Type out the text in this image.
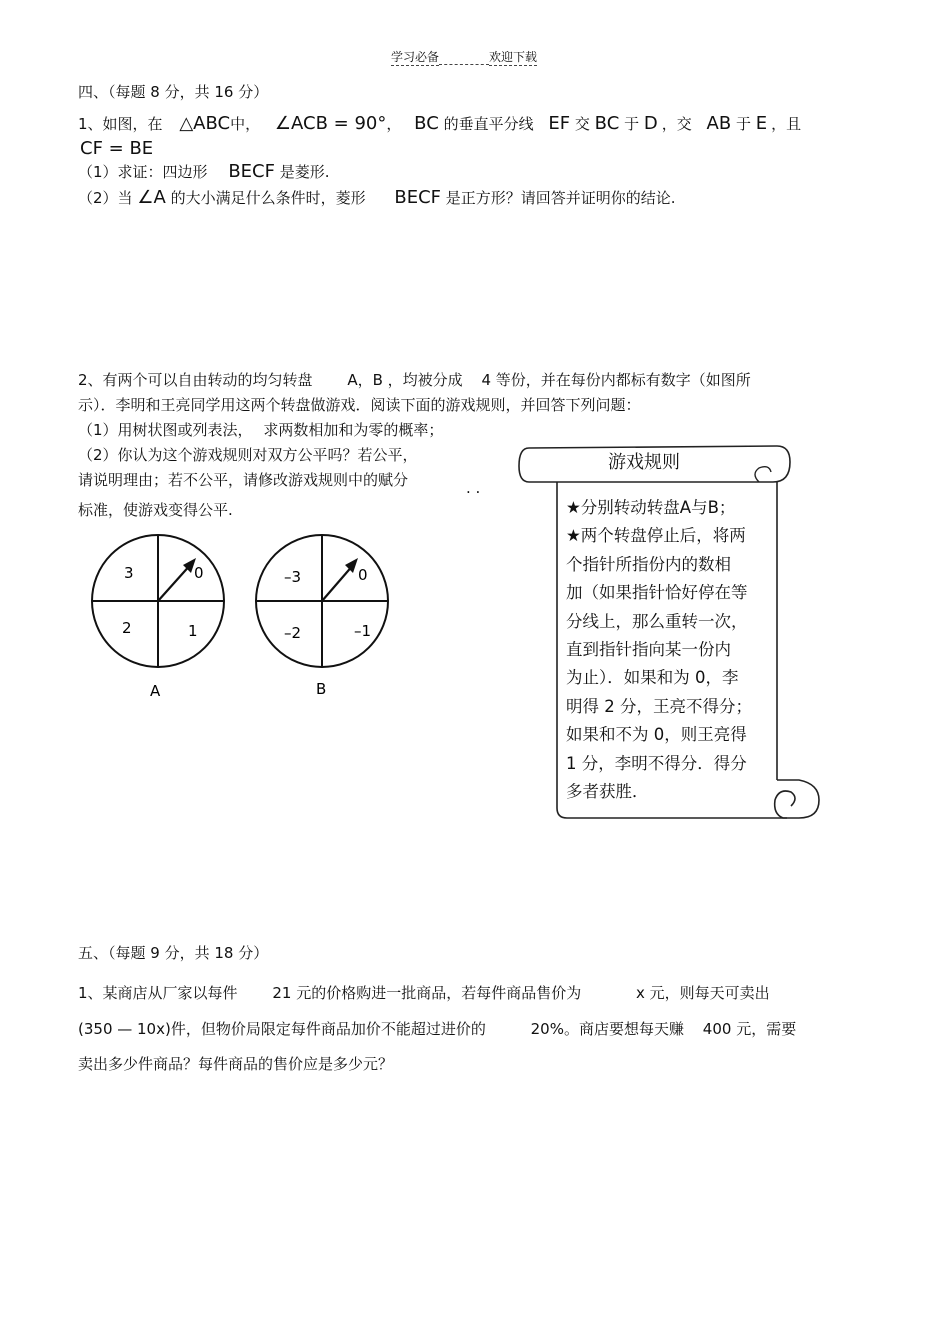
学习必备	欢迎下载
四、（每题 8 分，共 16 分）
1、如图，在 △ABC中， ∠ACB = 90°， BC 的垂直平分线 EF 交 BC 于 D ，交 AB 于 E ，且
CF = BE
（1）求证：四边形 BECF 是菱形.
（2）当 ∠A 的大小满足什么条件时，菱形 BECF 是正方形？请回答并证明你的结论.
2、有两个可以自由转动的均匀转盘 A，B ，均被分成 4 等份，并在每份内都标有数字（如图所
示）．李明和王亮同学用这两个转盘做游戏．阅读下面的游戏规则，并回答下列问题：
（1）用树状图或列表法， 求两数相加和为零的概率；
（2）你认为这个游戏规则对双方公平吗？若公平，
请说明理由；若不公平，请修改游戏规则中的赋分	. .
标准，使游戏变得公平.
3	0
2	1
A
–3	0
–2	–1
B
游戏规则
★分别转动转盘A与B；
★两个转盘停止后，将两
个指针所指份内的数相
加（如果指针恰好停在等
分线上，那么重转一次，
直到指针指向某一份内
为止）．如果和为 0，李
明得 2 分，王亮不得分；
如果和不为 0，则王亮得
1 分，李明不得分．得分
多者获胜．
五、（每题 9 分，共 18 分）
1、某商店从厂家以每件 21 元的价格购进一批商品，若每件商品售价为	x 元，则每天可卖出
(350 — 10x)件，但物价局限定每件商品加价不能超过进价的	20%。商店要想每天赚 400 元，需要
卖出多少件商品？每件商品的售价应是多少元？
